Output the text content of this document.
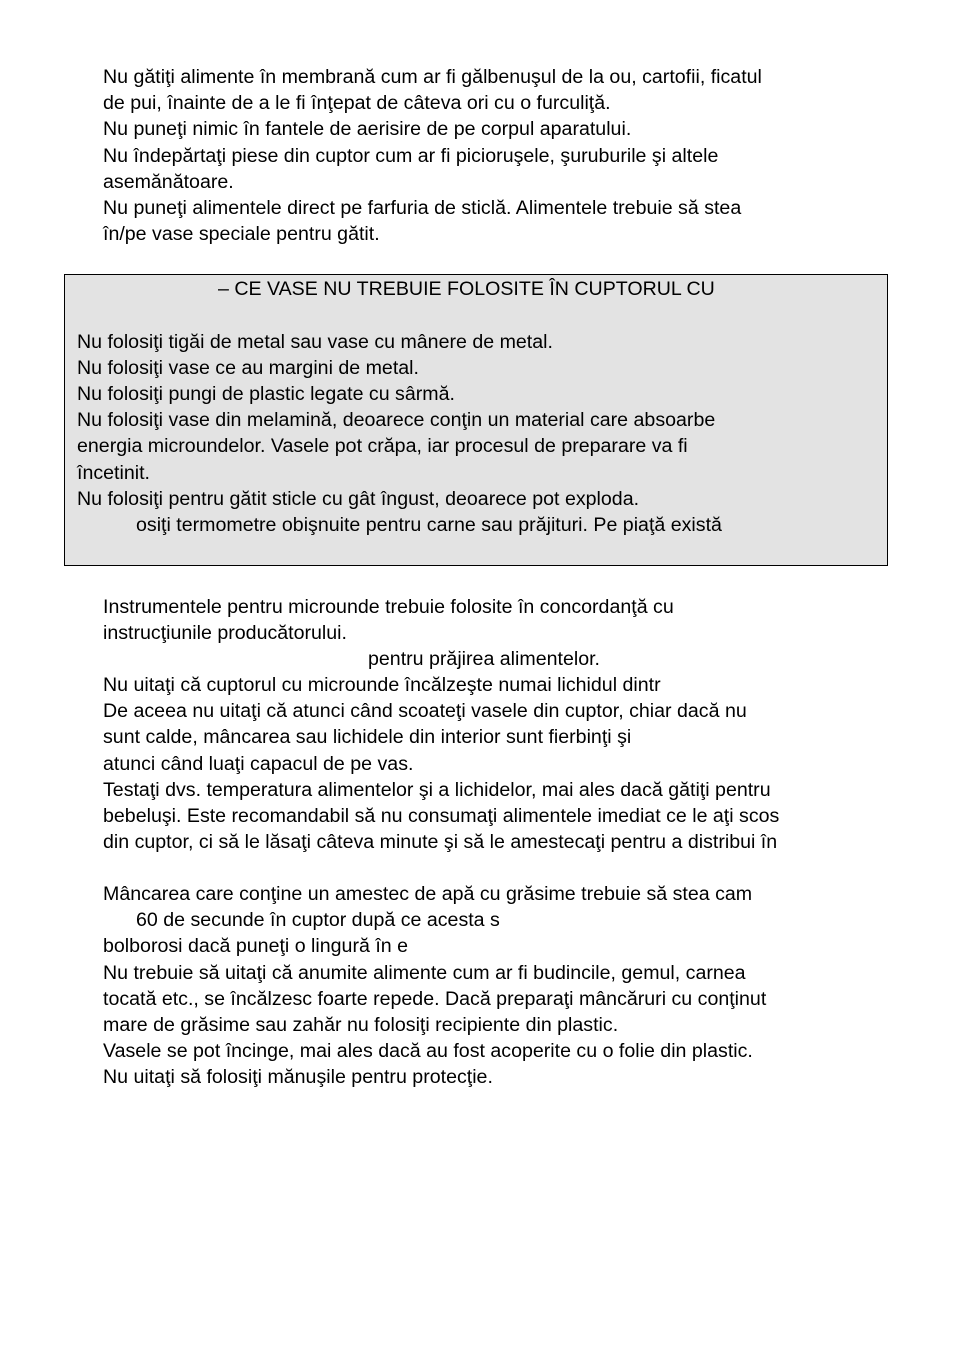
Nu gătiţi alimente în membrană cum ar fi gălbenuşul de la ou, cartofii, ficatul
de pui, înainte de a le fi înţepat de câteva ori cu o furculiţă.
Nu puneţi nimic în fantele de aerisire de pe corpul aparatului.
Nu îndepărtaţi piese din cuptor cum ar fi picioruşele, şuruburile şi altele
asemănătoare.
Nu puneţi alimentele direct pe farfuria de sticlă. Alimentele trebuie să stea
în/pe vase speciale pentru gătit.
– CE VASE NU TREBUIE FOLOSITE ÎN CUPTORUL CU
Nu folosiţi tigăi de metal sau vase cu mânere de metal.
Nu folosiţi vase ce au margini de metal.
Nu folosiţi pungi de plastic legate cu sârmă.
Nu folosiţi vase din melamină, deoarece conţin un material care absoarbe
energia microundelor. Vasele pot crăpa, iar procesul de preparare va fi
încetinit.
Nu folosiţi pentru gătit sticle cu gât îngust, deoarece pot exploda.
osiţi termometre obişnuite pentru carne sau prăjituri. Pe piaţă există
Instrumentele pentru microunde trebuie folosite în concordanţă cu
instrucţiunile producătorului.
pentru prăjirea alimentelor.
Nu uitaţi că cuptorul cu microunde încălzeşte numai lichidul dintr
De aceea nu uitaţi că atunci când scoateţi vasele din cuptor, chiar dacă nu
sunt calde, mâncarea sau lichidele din interior sunt fierbinţi şi
atunci când luaţi capacul de pe vas.
Testaţi dvs. temperatura alimentelor şi a lichidelor, mai ales dacă gătiţi pentru
bebeluşi. Este recomandabil să nu consumaţi alimentele imediat ce le aţi scos
din cuptor, ci să le lăsaţi câteva minute şi să le amestecaţi pentru a distribui în
Mâncarea care conţine un amestec de apă cu grăsime trebuie să stea cam
60 de secunde în cuptor după ce acesta s
bolborosi dacă puneţi o lingură în e
Nu trebuie să uitaţi că anumite alimente cum ar fi budincile, gemul, carnea
tocată etc., se încălzesc foarte repede. Dacă preparaţi mâncăruri cu conţinut
mare de grăsime sau zahăr nu folosiţi recipiente din plastic.
Vasele se pot încinge, mai ales dacă au fost acoperite cu o folie din plastic.
Nu uitaţi să folosiţi mănuşile pentru protecţie.
